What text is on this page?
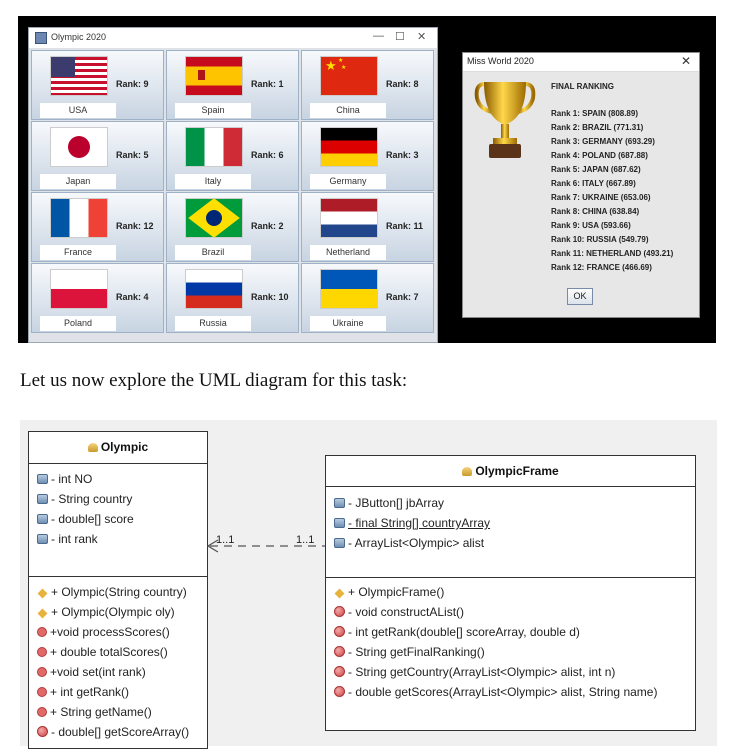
Olympic 2020	— ☐ ✕
Rank: 9
USA
Rank: 1
Spain
★ ★
★
Rank: 8
China
Rank: 5
Japan
Rank: 6
Italy
Rank: 3
Germany
Rank: 12
France
Rank: 2
Brazil
Rank: 11
Netherland
Rank: 4
Poland
Rank: 10
Russia
Rank: 7
Ukraine
Miss World 2020	✕
FINAL RANKING
Rank 1: SPAIN (808.89)
Rank 2: BRAZIL (771.31)
Rank 3: GERMANY (693.29)
Rank 4: POLAND (687.88)
Rank 5: JAPAN (687.62)
Rank 6: ITALY (667.89)
Rank 7: UKRAINE (653.06)
Rank 8: CHINA (638.84)
Rank 9: USA (593.66)
Rank 10: RUSSIA (549.79)
Rank 11: NETHERLAND (493.21)
Rank 12: FRANCE (466.69)
OK
Let us now explore the UML diagram for this task:
Olympic
- int NO
- String country
- double[] score
- int rank
+ Olympic(String country)
+ Olympic(Olympic oly)
+void processScores()
+ double totalScores()
+void set(int rank)
+ int getRank()
+ String getName()
- double[] getScoreArray()
1..1	1..1
OlympicFrame
- JButton[] jbArray
- final String[] countryArray
- ArrayList<Olympic> alist
+ OlympicFrame()
- void constructAList()
- int getRank(double[] scoreArray, double d)
- String getFinalRanking()
- String getCountry(ArrayList<Olympic> alist, int n)
- double getScores(ArrayList<Olympic> alist, String name)
